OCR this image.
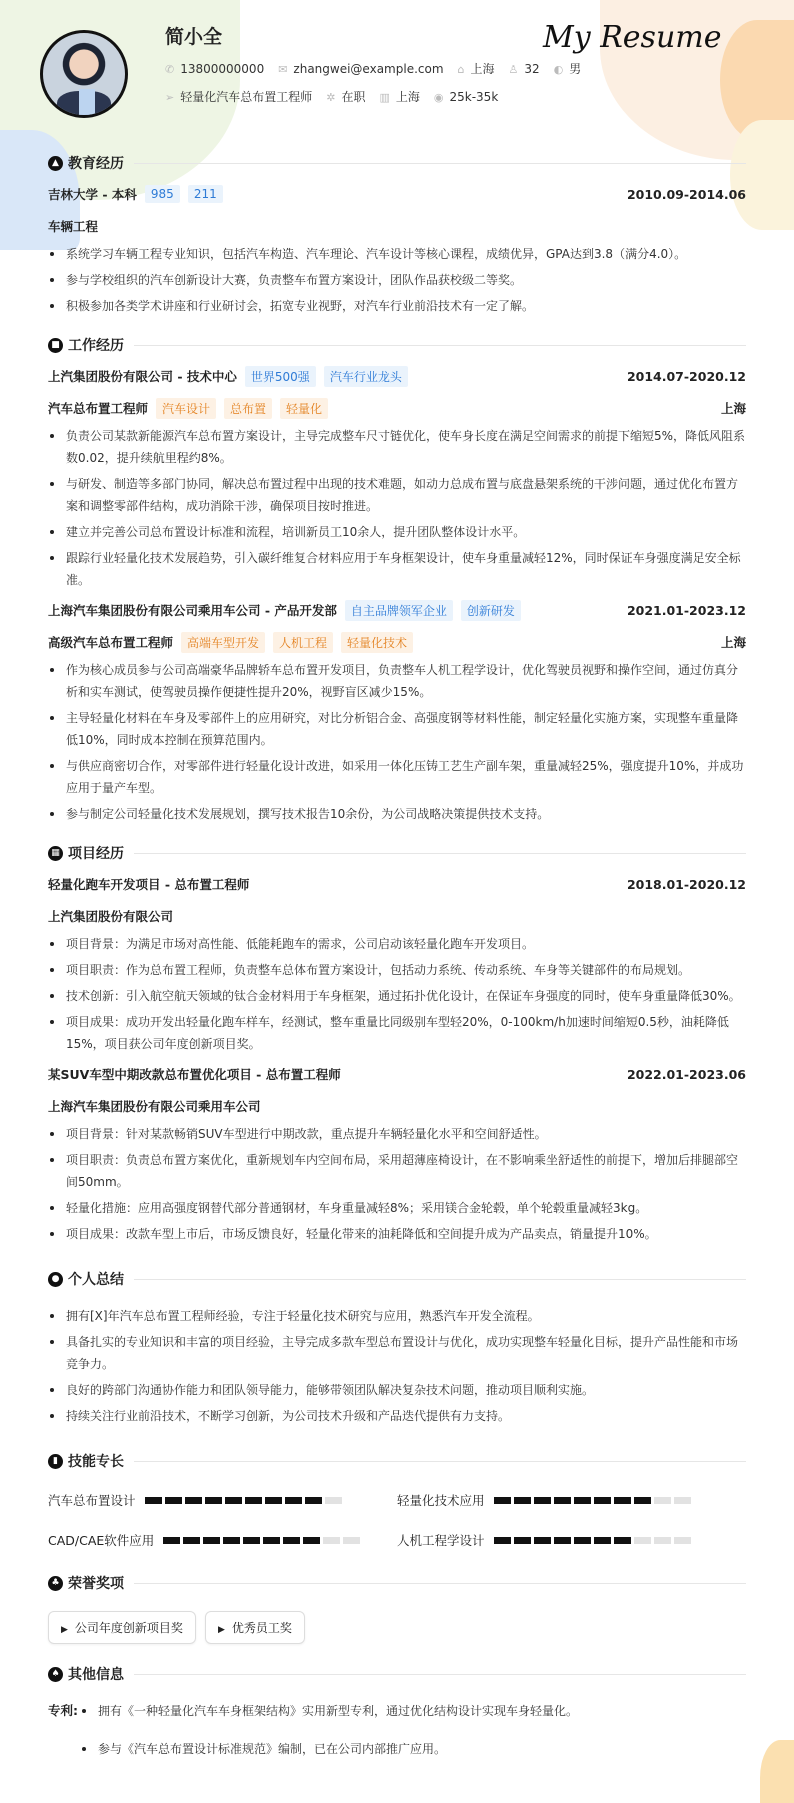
简小全	My Resume
✆ 13800000000 ✉ zhangwei@example.com ⌂ 上海 ♙ 32 ◐ 男
➢ 轻量化汽车总布置工程师 ✲ 在职 ▥ 上海 ◉ 25k-35k
▲ 教育经历
吉林大学 - 本科	985	211	2010.09-2014.06
车辆工程
系统学习车辆工程专业知识，包括汽车构造、汽车理论、汽车设计等核心课程，成绩优异，GPA达到3.8（满分4.0）。
参与学校组织的汽车创新设计大赛，负责整车布置方案设计，团队作品获校级二等奖。
积极参加各类学术讲座和行业研讨会，拓宽专业视野，对汽车行业前沿技术有一定了解。
■ 工作经历
上汽集团股份有限公司 - 技术中心	世界500强	汽车行业龙头	2014.07-2020.12
汽车总布置工程师	汽车设计	总布置	轻量化	上海
负责公司某款新能源汽车总布置方案设计，主导完成整车尺寸链优化，使车身长度在满足空间需求的前提下缩短5%，降低风阻系数0.02，提升续航里程约8%。
与研发、制造等多部门协同，解决总布置过程中出现的技术难题，如动力总成布置与底盘悬架系统的干涉问题，通过优化布置方案和调整零部件结构，成功消除干涉，确保项目按时推进。
建立并完善公司总布置设计标准和流程，培训新员工10余人，提升团队整体设计水平。
跟踪行业轻量化技术发展趋势，引入碳纤维复合材料应用于车身框架设计，使车身重量减轻12%，同时保证车身强度满足安全标准。
上海汽车集团股份有限公司乘用车公司 - 产品开发部	自主品牌领军企业	创新研发	2021.01-2023.12
高级汽车总布置工程师	高端车型开发	人机工程	轻量化技术	上海
作为核心成员参与公司高端豪华品牌轿车总布置开发项目，负责整车人机工程学设计，优化驾驶员视野和操作空间，通过仿真分析和实车测试，使驾驶员操作便捷性提升20%，视野盲区减少15%。
主导轻量化材料在车身及零部件上的应用研究，对比分析铝合金、高强度钢等材料性能，制定轻量化实施方案，实现整车重量降低10%，同时成本控制在预算范围内。
与供应商密切合作，对零部件进行轻量化设计改进，如采用一体化压铸工艺生产副车架，重量减轻25%，强度提升10%，并成功应用于量产车型。
参与制定公司轻量化技术发展规划，撰写技术报告10余份，为公司战略决策提供技术支持。
▦ 项目经历
轻量化跑车开发项目 - 总布置工程师	2018.01-2020.12
上汽集团股份有限公司
项目背景：为满足市场对高性能、低能耗跑车的需求，公司启动该轻量化跑车开发项目。
项目职责：作为总布置工程师，负责整车总体布置方案设计，包括动力系统、传动系统、车身等关键部件的布局规划。
技术创新：引入航空航天领域的钛合金材料用于车身框架，通过拓扑优化设计，在保证车身强度的同时，使车身重量降低30%。
项目成果：成功开发出轻量化跑车样车，经测试，整车重量比同级别车型轻20%，0-100km/h加速时间缩短0.5秒，油耗降低15%，项目获公司年度创新项目奖。
某SUV车型中期改款总布置优化项目 - 总布置工程师	2022.01-2023.06
上海汽车集团股份有限公司乘用车公司
项目背景：针对某款畅销SUV车型进行中期改款，重点提升车辆轻量化水平和空间舒适性。
项目职责：负责总布置方案优化，重新规划车内空间布局，采用超薄座椅设计，在不影响乘坐舒适性的前提下，增加后排腿部空间50mm。
轻量化措施：应用高强度钢替代部分普通钢材，车身重量减轻8%；采用镁合金轮毂，单个轮毂重量减轻3kg。
项目成果：改款车型上市后，市场反馈良好，轻量化带来的油耗降低和空间提升成为产品卖点，销量提升10%。
● 个人总结
拥有[X]年汽车总布置工程师经验，专注于轻量化技术研究与应用，熟悉汽车开发全流程。
具备扎实的专业知识和丰富的项目经验，主导完成多款车型总布置设计与优化，成功实现整车轻量化目标，提升产品性能和市场竞争力。
良好的跨部门沟通协作能力和团队领导能力，能够带领团队解决复杂技术问题，推动项目顺利实施。
持续关注行业前沿技术，不断学习创新，为公司技术升级和产品迭代提供有力支持。
▮ 技能专长
汽车总布置设计	轻量化技术应用
CAD/CAE软件应用	人机工程学设计
♣ 荣誉奖项
▶ 公司年度创新项目奖	▶ 优秀员工奖
♠ 其他信息
专利:	拥有《一种轻量化汽车车身框架结构》实用新型专利，通过优化结构设计实现车身轻量化。
参与《汽车总布置设计标准规范》编制，已在公司内部推广应用。
